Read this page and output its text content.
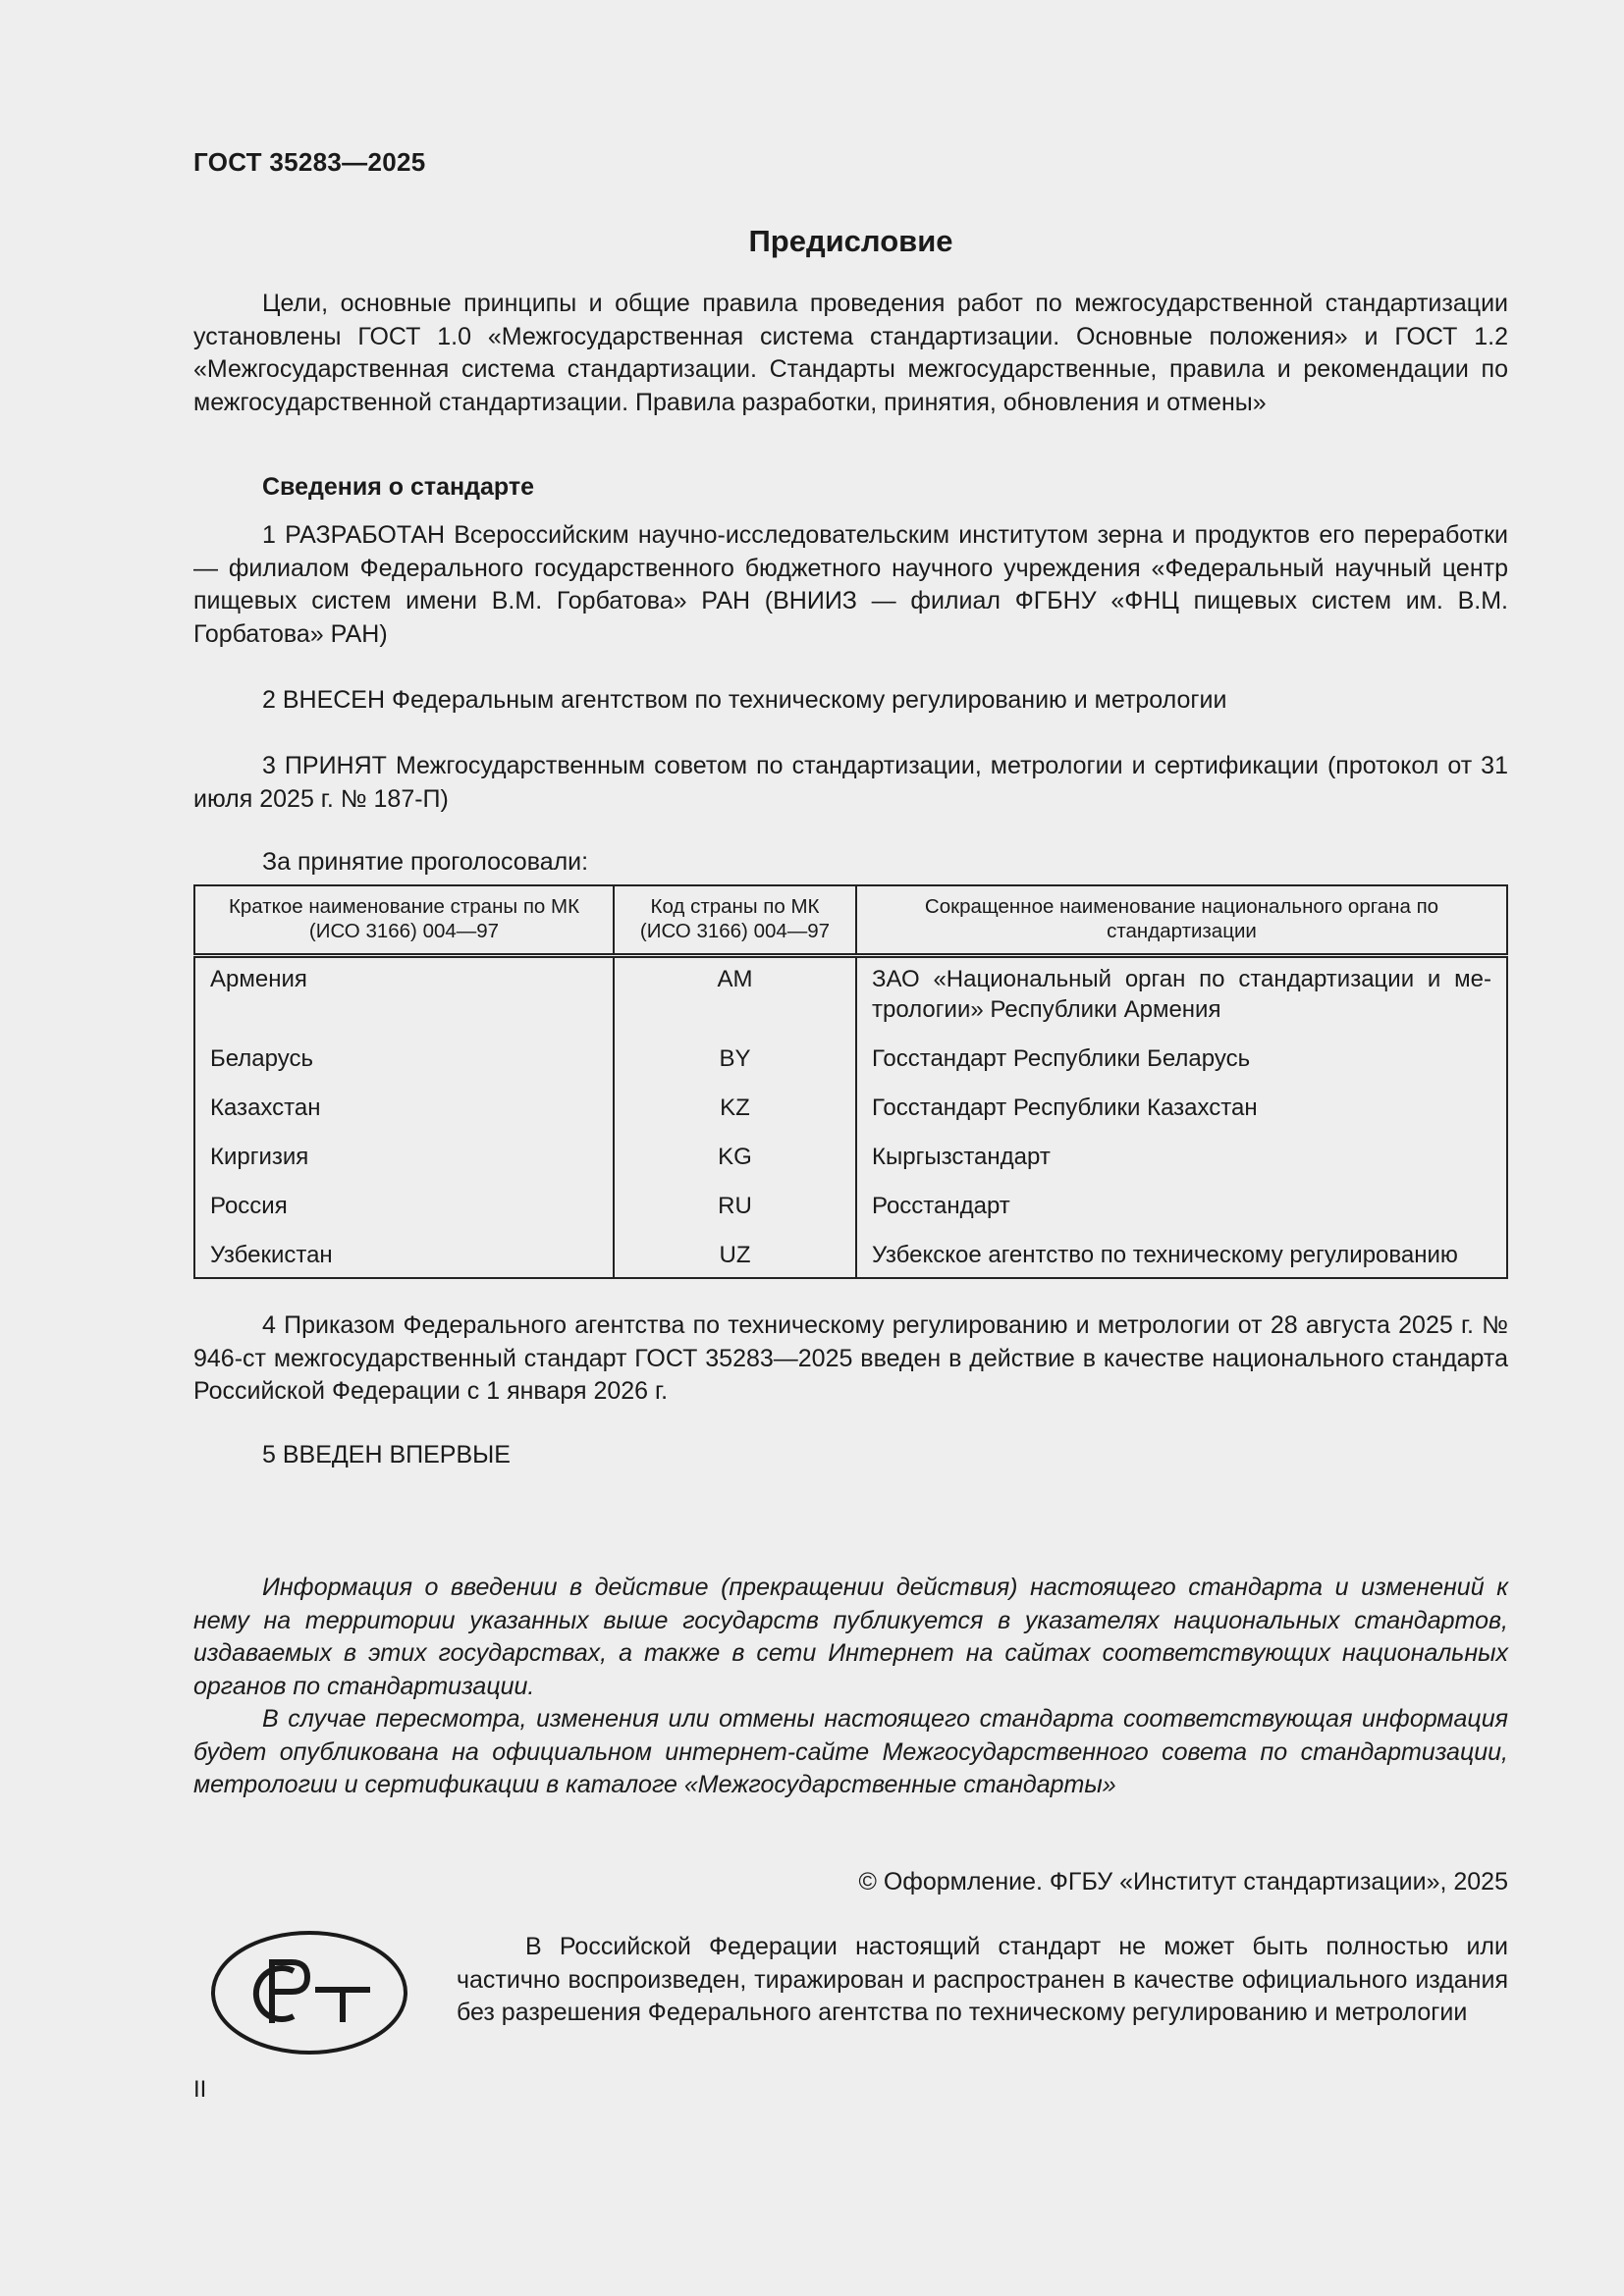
ГОСТ 35283—2025
Предисловие

Цели, основные принципы и общие правила проведения работ по межгосударственной стандартизации установлены ГОСТ 1.0 «Межгосударственная система стандартизации. Основные положения» и ГОСТ 1.2 «Межгосударственная система стандартизации. Стандарты межгосударственные, правила и рекомендации по межгосударственной стандартизации. Правила разработки, принятия, обновления и отмены»

Сведения о стандарте

1 РАЗРАБОТАН Всероссийским научно-исследовательским институтом зерна и продуктов его переработки — филиалом Федерального государственного бюджетного научного учреждения «Федеральный научный центр пищевых систем имени В.М. Горбатова» РАН (ВНИИЗ — филиал ФГБНУ «ФНЦ пищевых систем им. В.М. Горбатова» РАН)

2 ВНЕСЕН Федеральным агентством по техническому регулированию и метрологии

3 ПРИНЯТ Межгосударственным советом по стандартизации, метрологии и сертификации (протокол от 31 июля 2025 г. № 187-П)

За принятие проголосовали:
Краткое наименование страны по МК (ИСО 3166) 004—97	Код страны по МК (ИСО 3166) 004—97	Сокращенное наименование национального органа по стандартизации
Армения	AM	ЗАО «Национальный орган по стандартизации и метрологии» Республики Армения
Беларусь	BY	Госстандарт Республики Беларусь
Казахстан	KZ	Госстандарт Республики Казахстан
Киргизия	KG	Кыргызстандарт
Россия	RU	Росстандарт
Узбекистан	UZ	Узбекское агентство по техническому регулированию

4 Приказом Федерального агентства по техническому регулированию и метрологии от 28 августа 2025 г. № 946-ст межгосударственный стандарт ГОСТ 35283—2025 введен в действие в качестве национального стандарта Российской Федерации с 1 января 2026 г.

5 ВВЕДЕН ВПЕРВЫЕ

Информация о введении в действие (прекращении действия) настоящего стандарта и изменений к нему на территории указанных выше государств публикуется в указателях национальных стандартов, издаваемых в этих государствах, а также в сети Интернет на сайтах соответствующих национальных органов по стандартизации.

В случае пересмотра, изменения или отмены настоящего стандарта соответствующая информация будет опубликована на официальном интернет-сайте Межгосударственного совета по стандартизации, метрологии и сертификации в каталоге «Межгосударственные стандарты»

© Оформление. ФГБУ «Институт стандартизации», 2025

В Российской Федерации настоящий стандарт не может быть полностью или частично воспроизведен, тиражирован и распространен в качестве официального издания без разрешения Федерального агентства по техническому регулированию и метрологии

II
